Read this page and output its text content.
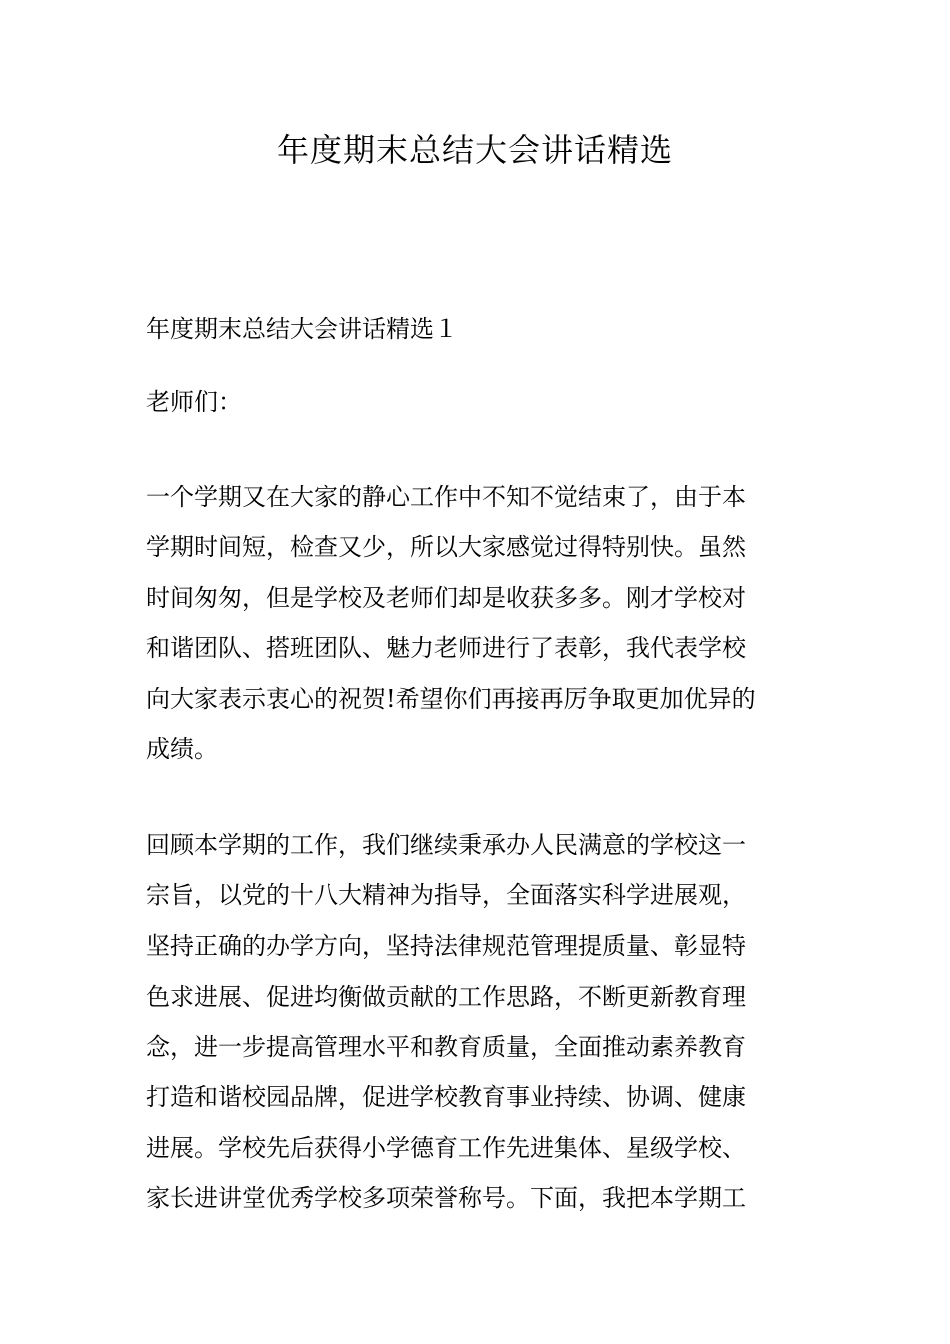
年度期末总结大会讲话精选

年度期末总结大会讲话精选１

老师们：

一个学期又在大家的静心工作中不知不觉结束了，由于本

学期时间短，检查又少，所以大家感觉过得特别快。虽然

时间匆匆，但是学校及老师们却是收获多多。刚才学校对

和谐团队、搭班团队、魅力老师进行了表彰，我代表学校

向大家表示衷心的祝贺!希望你们再接再厉争取更加优异的

成绩。

回顾本学期的工作，我们继续秉承办人民满意的学校这一

宗旨，以党的十八大精神为指导，全面落实科学进展观，

坚持正确的办学方向，坚持法律规范管理提质量、彰显特

色求进展、促进均衡做贡献的工作思路，不断更新教育理

念，进一步提高管理水平和教育质量，全面推动素养教育

打造和谐校园品牌，促进学校教育事业持续、协调、健康

进展。学校先后获得小学德育工作先进集体、星级学校、

家长进讲堂优秀学校多项荣誉称号。下面，我把本学期工
